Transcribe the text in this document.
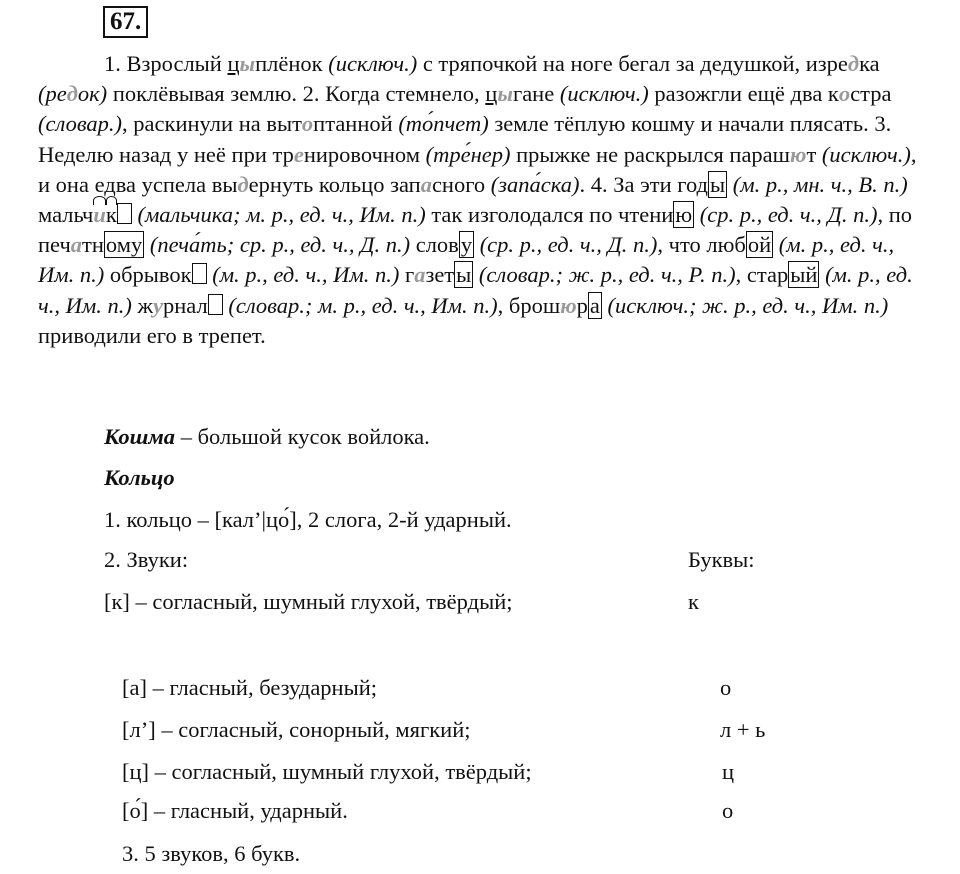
67.

1. Взрослый цыплёнок (исключ.) с тряпочкой на ноге бегал за дедушкой, изредка (редок) поклёвывая землю. 2. Когда стемнело, цыгане (исключ.) разожгли ещё два костра (словар.), раскинули на вытоптанной (то́пчет) земле тёплую кошму и начали плясать. 3. Неделю назад у неё при тренировочном (тре́нер) прыжке не раскрылся парашют (исключ.), и она едва успела выдернуть кольцо запасного (запа́ска). 4. За эти годы (м. р., мн. ч., В. п.) мальчик (мальчика; м. р., ед. ч., Им. п.) так изголодался по чтению (ср. р., ед. ч., Д. п.), по печатному (печа́ть; ср. р., ед. ч., Д. п.) слову (ср. р., ед. ч., Д. п.), что любой (м. р., ед. ч., Им. п.) обрывок (м. р., ед. ч., Им. п.) газеты (словар.; ж. р., ед. ч., Р. п.), старый (м. р., ед. ч., Им. п.) журнал (словар.; м. р., ед. ч., Им. п.), брошюра (исключ.; ж. р., ед. ч., Им. п.) приводили его в трепет.

Кошма – большой кусок войлока.
Кольцо
1. кольцо – [кал’|цо́], 2 слога, 2-й ударный.
2. Звуки:	Буквы:
[к] – согласный, шумный глухой, твёрдый;	к
[а] – гласный, безударный;	о
[л’] – согласный, сонорный, мягкий;	л + ь
[ц] – согласный, шумный глухой, твёрдый;	ц
[о́] – гласный, ударный.	о
3. 5 звуков, 6 букв.
